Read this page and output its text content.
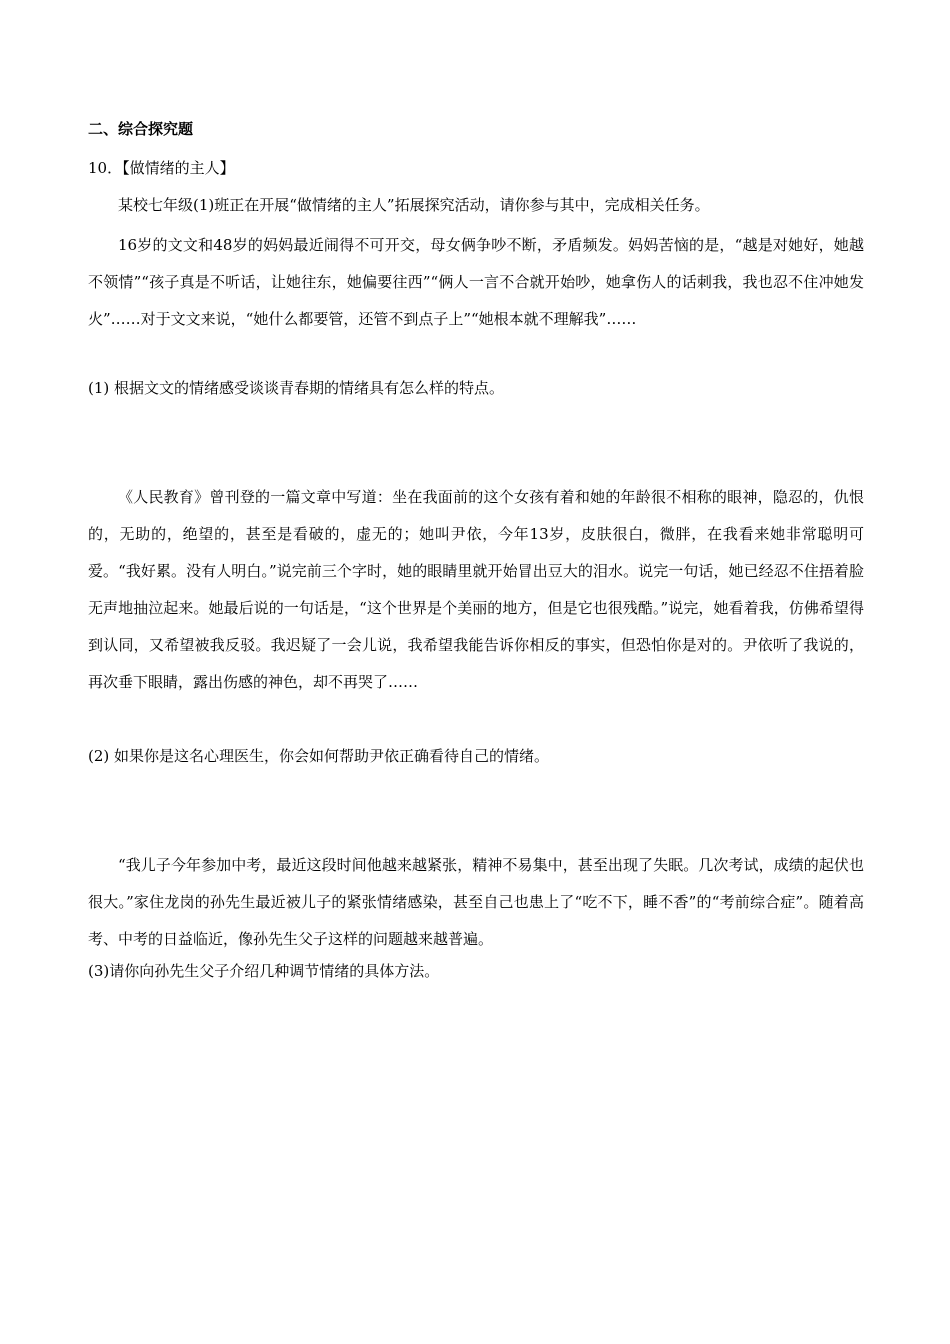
二、综合探究题
10．【做情绪的主人】

某校七年级(1)班正在开展“做情绪的主人”拓展探究活动，请你参与其中，完成相关任务。

16岁的文文和48岁的妈妈最近闹得不可开交，母女俩争吵不断，矛盾频发。妈妈苦恼的是，“越是对她好，她越不领情”“孩子真是不听话，让她往东，她偏要往西”“俩人一言不合就开始吵，她拿伤人的话刺我，我也忍不住冲她发火”……对于文文来说，“她什么都要管，还管不到点子上”“她根本就不理解我”……

(1) 根据文文的情绪感受谈谈青春期的情绪具有怎么样的特点。

《人民教育》曾刊登的一篇文章中写道：坐在我面前的这个女孩有着和她的年龄很不相称的眼神，隐忍的，仇恨的，无助的，绝望的，甚至是看破的，虚无的；她叫尹依，今年13岁，皮肤很白，微胖，在我看来她非常聪明可爱。“我好累。没有人明白。”说完前三个字时，她的眼睛里就开始冒出豆大的泪水。说完一句话，她已经忍不住捂着脸无声地抽泣起来。她最后说的一句话是，“这个世界是个美丽的地方，但是它也很残酷。”说完，她看着我，仿佛希望得到认同，又希望被我反驳。我迟疑了一会儿说，我希望我能告诉你相反的事实，但恐怕你是对的。尹依听了我说的，再次垂下眼睛，露出伤感的神色，却不再哭了……

(2) 如果你是这名心理医生，你会如何帮助尹依正确看待自己的情绪。

“我儿子今年参加中考，最近这段时间他越来越紧张，精神不易集中，甚至出现了失眠。几次考试，成绩的起伏也很大。”家住龙岗的孙先生最近被儿子的紧张情绪感染，甚至自己也患上了“吃不下，睡不香”的“考前综合症”。随着高考、中考的日益临近，像孙先生父子这样的问题越来越普遍。

(3)请你向孙先生父子介绍几种调节情绪的具体方法。
